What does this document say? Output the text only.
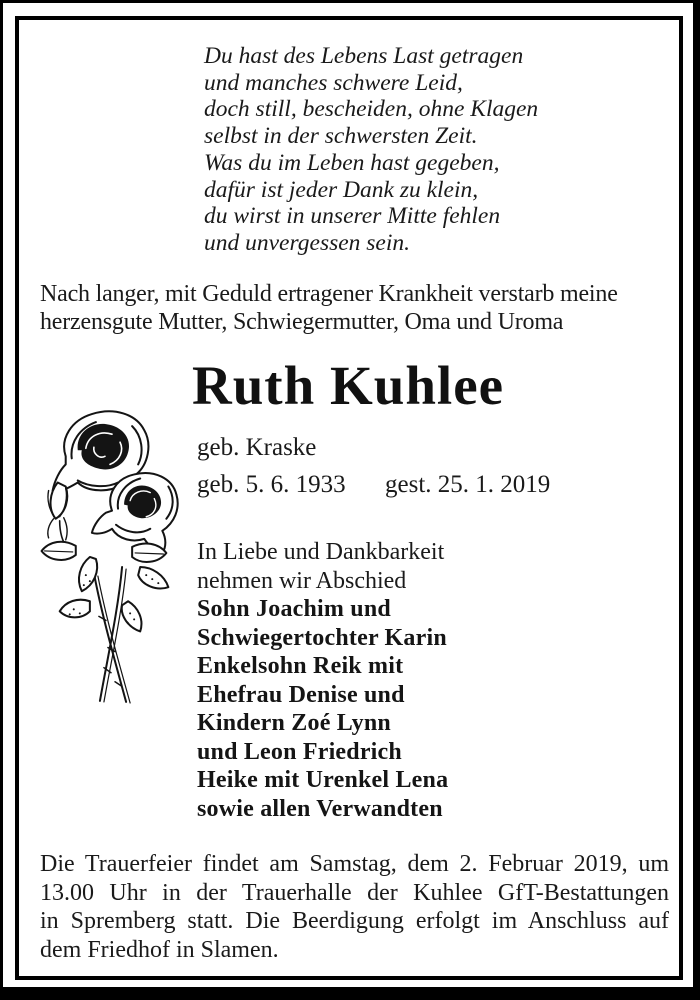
Du hast des Lebens Last getragen
und manches schwere Leid,
doch still, bescheiden, ohne Klagen
selbst in der schwersten Zeit.
Was du im Leben hast gegeben,
dafür ist jeder Dank zu klein,
du wirst in unserer Mitte fehlen
und unvergessen sein.
Nach langer, mit Geduld ertragener Krankheit verstarb meine
herzensgute Mutter, Schwiegermutter, Oma und Uroma
Ruth Kuhlee
geb. Kraske
geb. 5. 6. 1933 gest. 25. 1. 2019
In Liebe und Dankbarkeit
nehmen wir Abschied
Sohn Joachim und
Schwiegertochter Karin
Enkelsohn Reik mit
Ehefrau Denise und
Kindern Zoé Lynn
und Leon Friedrich
Heike mit Urenkel Lena
sowie allen Verwandten
Die Trauerfeier findet am Samstag, dem 2. Februar 2019, um
13.00 Uhr in der Trauerhalle der Kuhlee GfT-Bestattungen
in Spremberg statt. Die Beerdigung erfolgt im Anschluss auf
dem Friedhof in Slamen.
